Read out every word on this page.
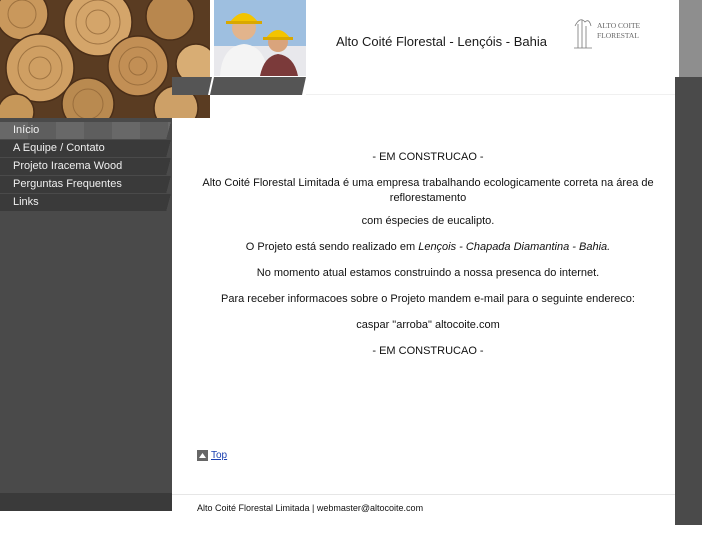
Alto Coité Florestal - Lençóis - Bahia
ALTO COITE
FLORESTAL
Início
A Equipe / Contato
Projeto Iracema Wood
Perguntas Frequentes
Links

- EM CONSTRUCAO -

Alto Coité Florestal Limitada é uma empresa trabalhando ecologicamente correta na área de reflorestamento

com éspecies de eucalipto.

O Projeto está sendo realizado em Lençois - Chapada Diamantina - Bahia.

No momento atual estamos construindo a nossa presenca do internet.

Para receber informacoes sobre o Projeto mandem e-mail para o seguinte endereco:

caspar "arroba" altocoite.com

- EM CONSTRUCAO -

Top
Alto Coité Florestal Limitada | webmaster@altocoite.com
